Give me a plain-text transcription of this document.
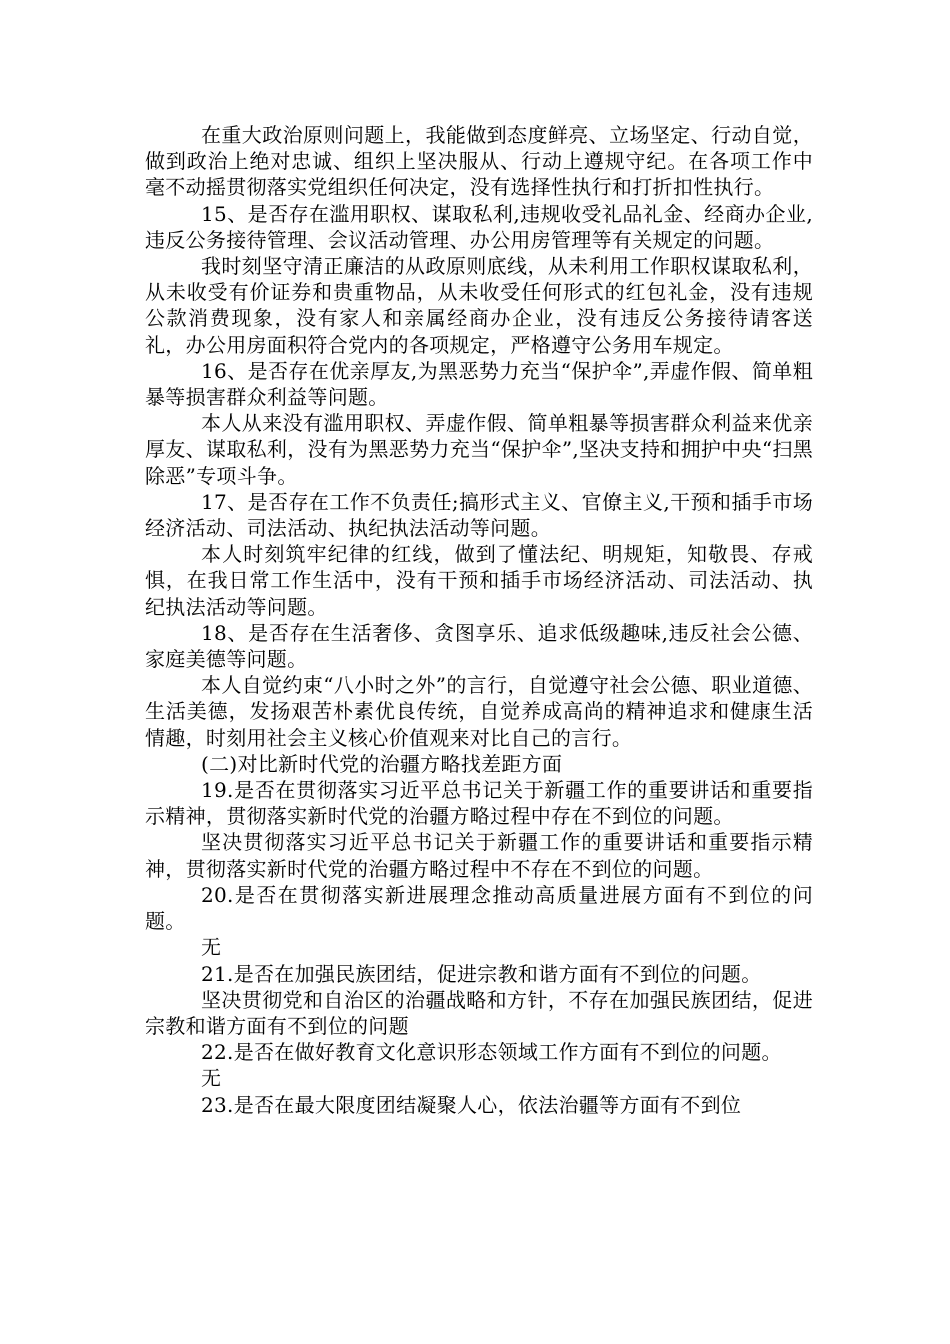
在重大政治原则问题上，我能做到态度鲜亮、立场坚定、行动自觉，做到政治上绝对忠诚、组织上坚决服从、行动上遵规守纪。在各项工作中毫不动摇贯彻落实党组织任何决定，没有选择性执行和打折扣性执行。

15、是否存在滥用职权、谋取私利,违规收受礼品礼金、经商办企业,违反公务接待管理、会议活动管理、办公用房管理等有关规定的问题。

我时刻坚守清正廉洁的从政原则底线，从未利用工作职权谋取私利，从未收受有价证券和贵重物品，从未收受任何形式的红包礼金，没有违规公款消费现象，没有家人和亲属经商办企业，没有违反公务接待请客送礼，办公用房面积符合党内的各项规定，严格遵守公务用车规定。

16、是否存在优亲厚友,为黑恶势力充当“保护伞”,弄虚作假、简单粗暴等损害群众利益等问题。

本人从来没有滥用职权、弄虚作假、简单粗暴等损害群众利益来优亲厚友、谋取私利，没有为黑恶势力充当“保护伞”,坚决支持和拥护中央“扫黑除恶”专项斗争。

17、是否存在工作不负责任;搞形式主义、官僚主义,干预和插手市场经济活动、司法活动、执纪执法活动等问题。

本人时刻筑牢纪律的红线，做到了懂法纪、明规矩，知敬畏、存戒惧，在我日常工作生活中，没有干预和插手市场经济活动、司法活动、执纪执法活动等问题。

18、是否存在生活奢侈、贪图享乐、追求低级趣味,违反社会公德、家庭美德等问题。

本人自觉约束“八小时之外”的言行，自觉遵守社会公德、职业道德、生活美德，发扬艰苦朴素优良传统，自觉养成高尚的精神追求和健康生活情趣，时刻用社会主义核心价值观来对比自己的言行。

(二)对比新时代党的治疆方略找差距方面

19.是否在贯彻落实习近平总书记关于新疆工作的重要讲话和重要指示精神，贯彻落实新时代党的治疆方略过程中存在不到位的问题。

坚决贯彻落实习近平总书记关于新疆工作的重要讲话和重要指示精神，贯彻落实新时代党的治疆方略过程中不存在不到位的问题。

20.是否在贯彻落实新进展理念推动高质量进展方面有不到位的问题。

无

21.是否在加强民族团结，促进宗教和谐方面有不到位的问题。

坚决贯彻党和自治区的治疆战略和方针，不存在加强民族团结，促进宗教和谐方面有不到位的问题

22.是否在做好教育文化意识形态领域工作方面有不到位的问题。

无

23.是否在最大限度团结凝聚人心，依法治疆等方面有不到位
